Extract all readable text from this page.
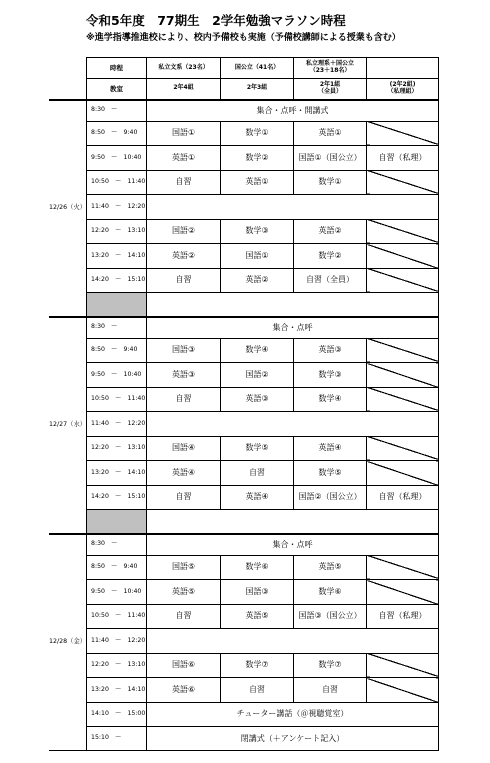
令和5年度　77期生　2学年勉強マラソン時程
※進学指導推進校により、校内予備校も実施（予備校講師による授業も含む）
	時程	私立文系（23名）	国公立（41名）	私立理系＋国公立
（23＋18名）	
	教室	2年4組	2年3組	2年1組
（全員）	(2年2組)
（私理組）
12/26（火）	8:30　～	集合・点呼・開講式			
	8:50　～　9:40	国語①	数学①	英語①	
	9:50　～　10:40	英語①	数学②	国語①（国公立）	自習（私理）
	10:50　～　11:40	自習	英語①	数学①	
	11:40　～　12:20				
	12:20　～　13:10	国語②	数学③	英語②	
	13:20　～　14:10	英語②	国語①	数学②	
	14:20　～　15:10	自習	英語②	自習（全員）	

12/27（水）	8:30　～	集合・点呼			
	8:50　～　9:40	国語③	数学④	英語③	
	9:50　～　10:40	英語③	国語②	数学③	
	10:50　～　11:40	自習	英語③	数学④	
	11:40　～　12:20				
	12:20　～　13:10	国語④	数学⑤	英語④	
	13:20　～　14:10	英語④	自習	数学⑤	
	14:20　～　15:10	自習	英語④	国語②（国公立）	自習（私理）

12/28（金）	8:30　～	集合・点呼			
	8:50　～　9:40	国語⑤	数学⑥	英語⑤	
	9:50　～　10:40	英語⑤	国語③	数学⑥	
	10:50　～　11:40	自習	英語⑤	国語③（国公立）	自習（私理）
	11:40　～　12:20				
	12:20　～　13:10	国語⑥	数学⑦	数学⑦	
	13:20　～　14:10	英語⑥	自習	自習	
	14:10　～　15:00	チューター講話（＠視聴覚室）			
	15:10　～	閉講式（＋アンケート記入）			
